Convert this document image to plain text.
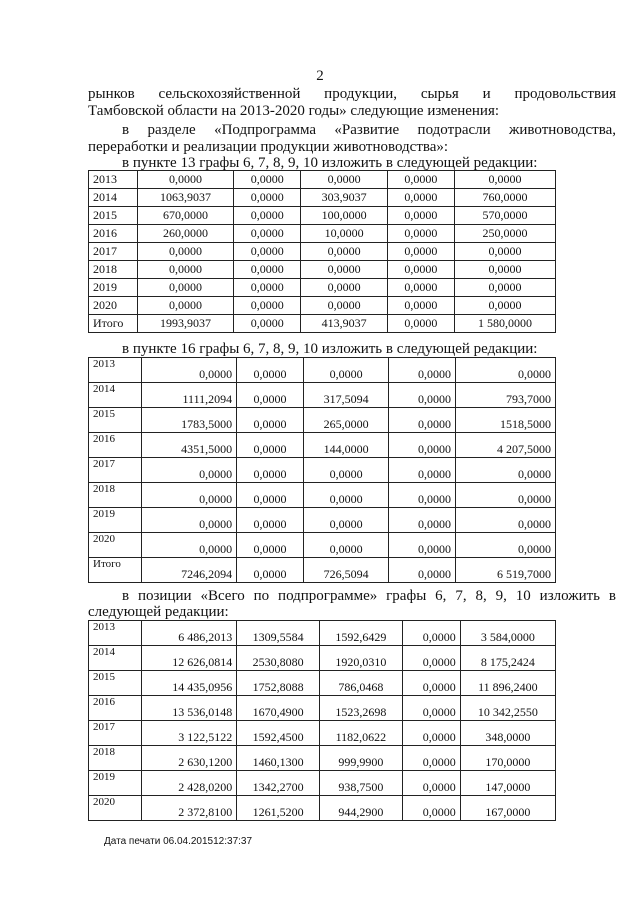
2
рынков сельскохозяйственной продукции, сырья и продовольствия
Тамбовской области на 2013-2020 годы» следующие изменения:
в разделе «Подпрограмма «Развитие подотрасли животноводства,
переработки и реализации продукции животноводства»:
в пункте 13 графы 6, 7, 8, 9, 10 изложить в следующей редакции:
2013	0,0000	0,0000	0,0000	0,0000	0,0000
2014	1063,9037	0,0000	303,9037	0,0000	760,0000
2015	670,0000	0,0000	100,0000	0,0000	570,0000
2016	260,0000	0,0000	10,0000	0,0000	250,0000
2017	0,0000	0,0000	0,0000	0,0000	0,0000
2018	0,0000	0,0000	0,0000	0,0000	0,0000
2019	0,0000	0,0000	0,0000	0,0000	0,0000
2020	0,0000	0,0000	0,0000	0,0000	0,0000
Итого	1993,9037	0,0000	413,9037	0,0000	1 580,0000
в пункте 16 графы 6, 7, 8, 9, 10 изложить в следующей редакции:
2013	0,0000	0,0000	0,0000	0,0000	0,0000
2014	1111,2094	0,0000	317,5094	0,0000	793,7000
2015	1783,5000	0,0000	265,0000	0,0000	1518,5000
2016	4351,5000	0,0000	144,0000	0,0000	4 207,5000
2017	0,0000	0,0000	0,0000	0,0000	0,0000
2018	0,0000	0,0000	0,0000	0,0000	0,0000
2019	0,0000	0,0000	0,0000	0,0000	0,0000
2020	0,0000	0,0000	0,0000	0,0000	0,0000
Итого	7246,2094	0,0000	726,5094	0,0000	6 519,7000
в позиции «Всего по подпрограмме» графы 6, 7, 8, 9, 10 изложить в
следующей редакции:
2013	6 486,2013	1309,5584	1592,6429	0,0000	3 584,0000
2014	12 626,0814	2530,8080	1920,0310	0,0000	8 175,2424
2015	14 435,0956	1752,8088	786,0468	0,0000	11 896,2400
2016	13 536,0148	1670,4900	1523,2698	0,0000	10 342,2550
2017	3 122,5122	1592,4500	1182,0622	0,0000	348,0000
2018	2 630,1200	1460,1300	999,9900	0,0000	170,0000
2019	2 428,0200	1342,2700	938,7500	0,0000	147,0000
2020	2 372,8100	1261,5200	944,2900	0,0000	167,0000
Дата печати 06.04.201512:37:37
